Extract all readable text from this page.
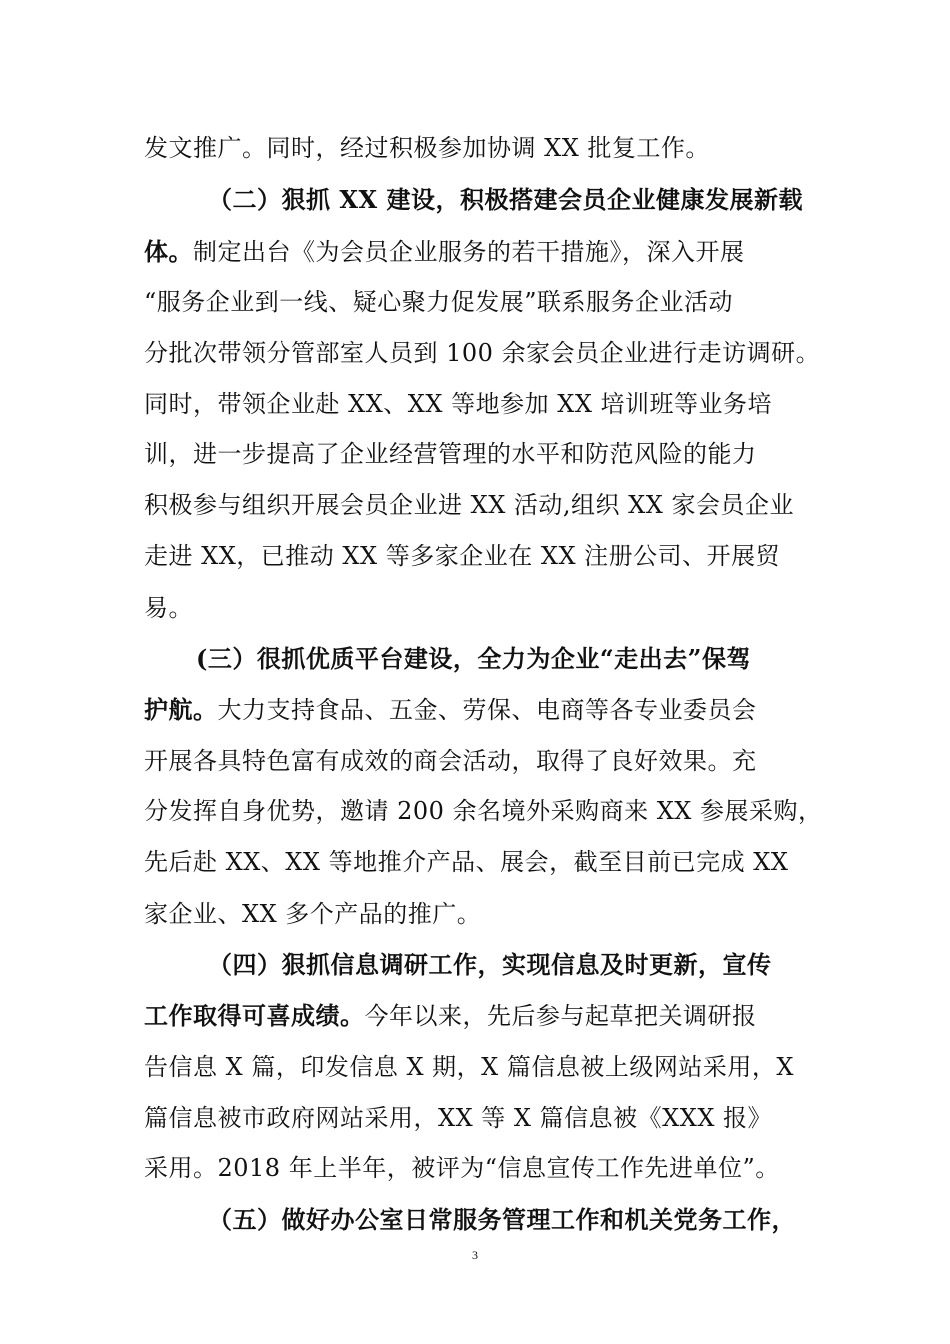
发文推广。同时，经过积极参加协调 XX 批复工作。
（二）狠抓 XX 建设，积极搭建会员企业健康发展新载
体。制定出台《为会员企业服务的若干措施》，深入开展
“服务企业到一线、疑心聚力促发展”联系服务企业活动
分批次带领分管部室人员到 100 余家会员企业进行走访调研。
同时，带领企业赴 XX、XX 等地参加 XX 培训班等业务培
训，进一步提高了企业经营管理的水平和防范风险的能力
积极参与组织开展会员企业进 XX 活动,组织 XX 家会员企业
走进 XX，已推动 XX 等多家企业在 XX 注册公司、开展贸
易。
(三）很抓优质平台建设，全力为企业“走出去”保驾
护航。大力支持食品、五金、劳保、电商等各专业委员会
开展各具特色富有成效的商会活动，取得了良好效果。充
分发挥自身优势，邀请 200 余名境外采购商来 XX 参展采购，
先后赴 XX、XX 等地推介产品、展会，截至目前已完成 XX
家企业、XX 多个产品的推广。
（四）狠抓信息调研工作，实现信息及时更新，宣传
工作取得可喜成绩。今年以来，先后参与起草把关调研报
告信息 X 篇，印发信息 X 期，X 篇信息被上级网站采用，X
篇信息被市政府网站采用，XX 等 X 篇信息被《XXX 报》
采用。2018 年上半年，被评为“信息宣传工作先进单位”。
（五）做好办公室日常服务管理工作和机关党务工作，
3
